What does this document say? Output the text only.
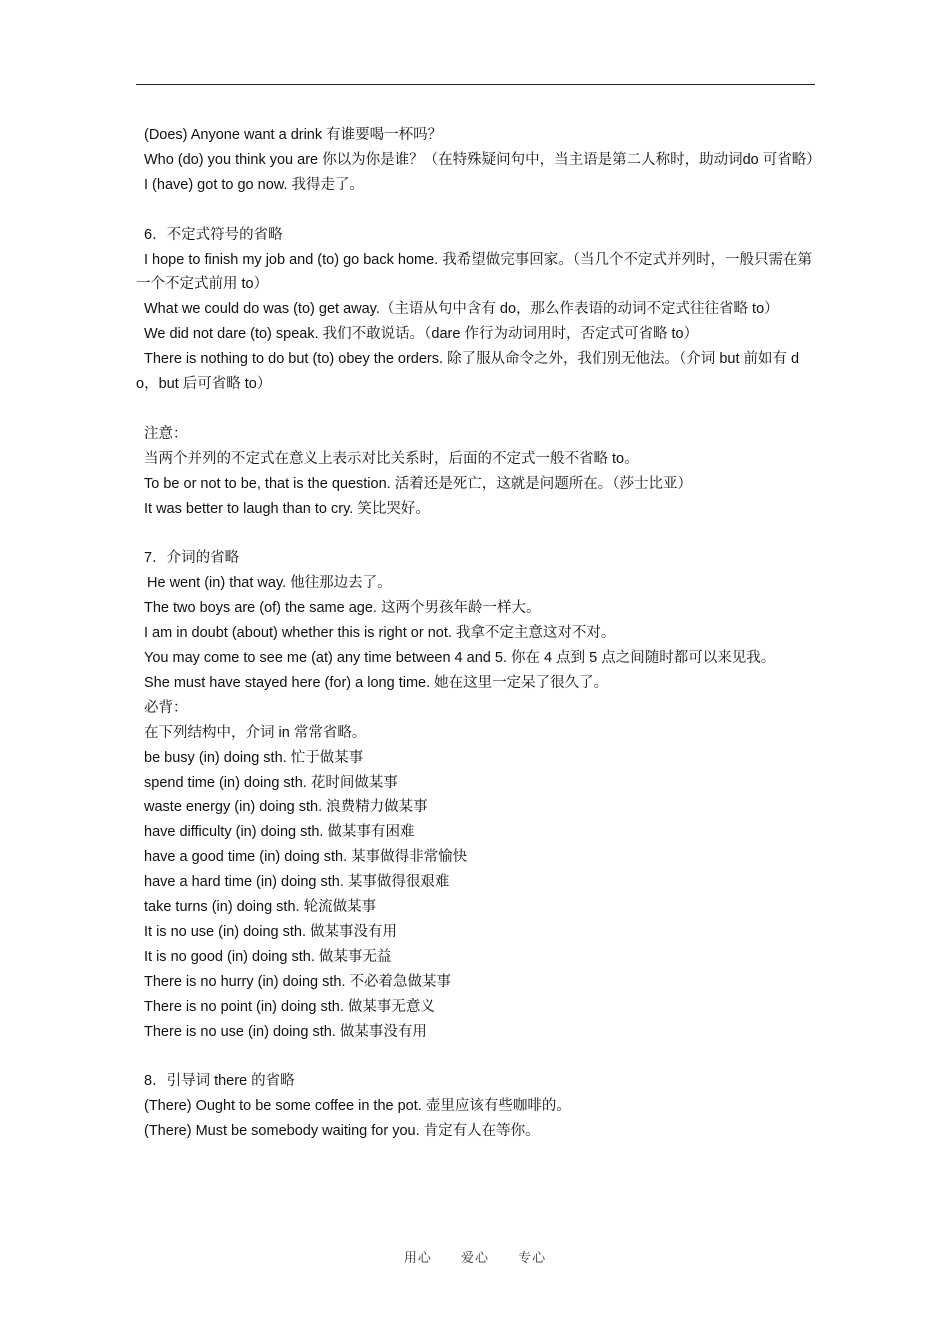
(Does) Anyone want a drink 有谁要喝一杯吗？
Who (do) you think you are 你以为你是谁？（在特殊疑问句中，当主语是第二人称时，助动词do 可省略）
I (have) got to go now. 我得走了。
6．不定式符号的省略
I hope to finish my job and (to) go back home. 我希望做完事回家。（当几个不定式并列时，一般只需在第一个不定式前用 to）
What we could do was (to) get away.（主语从句中含有 do，那么作表语的动词不定式往往省略 to）
We did not dare (to) speak. 我们不敢说话。（dare 作行为动词用时，否定式可省略 to）
There is nothing to do but (to) obey the orders. 除了服从命令之外，我们别无他法。（介词 but 前如有 do，but 后可省略 to）
注意：
当两个并列的不定式在意义上表示对比关系时，后面的不定式一般不省略 to。
To be or not to be, that is the question. 活着还是死亡，这就是问题所在。（莎士比亚）
It was better to laugh than to cry. 笑比哭好。
7．介词的省略
He went (in) that way. 他往那边去了。
The two boys are (of) the same age. 这两个男孩年龄一样大。
I am in doubt (about) whether this is right or not. 我拿不定主意这对不对。
You may come to see me (at) any time between 4 and 5. 你在 4 点到 5 点之间随时都可以来见我。
She must have stayed here (for) a long time. 她在这里一定呆了很久了。
必背：
在下列结构中，介词 in 常常省略。
be busy (in) doing sth. 忙于做某事
spend time (in) doing sth. 花时间做某事
waste energy (in) doing sth. 浪费精力做某事
have difficulty (in) doing sth. 做某事有困难
have a good time (in) doing sth. 某事做得非常愉快
have a hard time (in) doing sth. 某事做得很艰难
take turns (in) doing sth. 轮流做某事
It is no use (in) doing sth. 做某事没有用
It is no good (in) doing sth. 做某事无益
There is no hurry (in) doing sth. 不必着急做某事
There is no point (in) doing sth. 做某事无意义
There is no use (in) doing sth. 做某事没有用
8．引导词 there 的省略
(There) Ought to be some coffee in the pot. 壶里应该有些咖啡的。
(There) Must be somebody waiting for you. 肯定有人在等你。
用心 爱心 专心
